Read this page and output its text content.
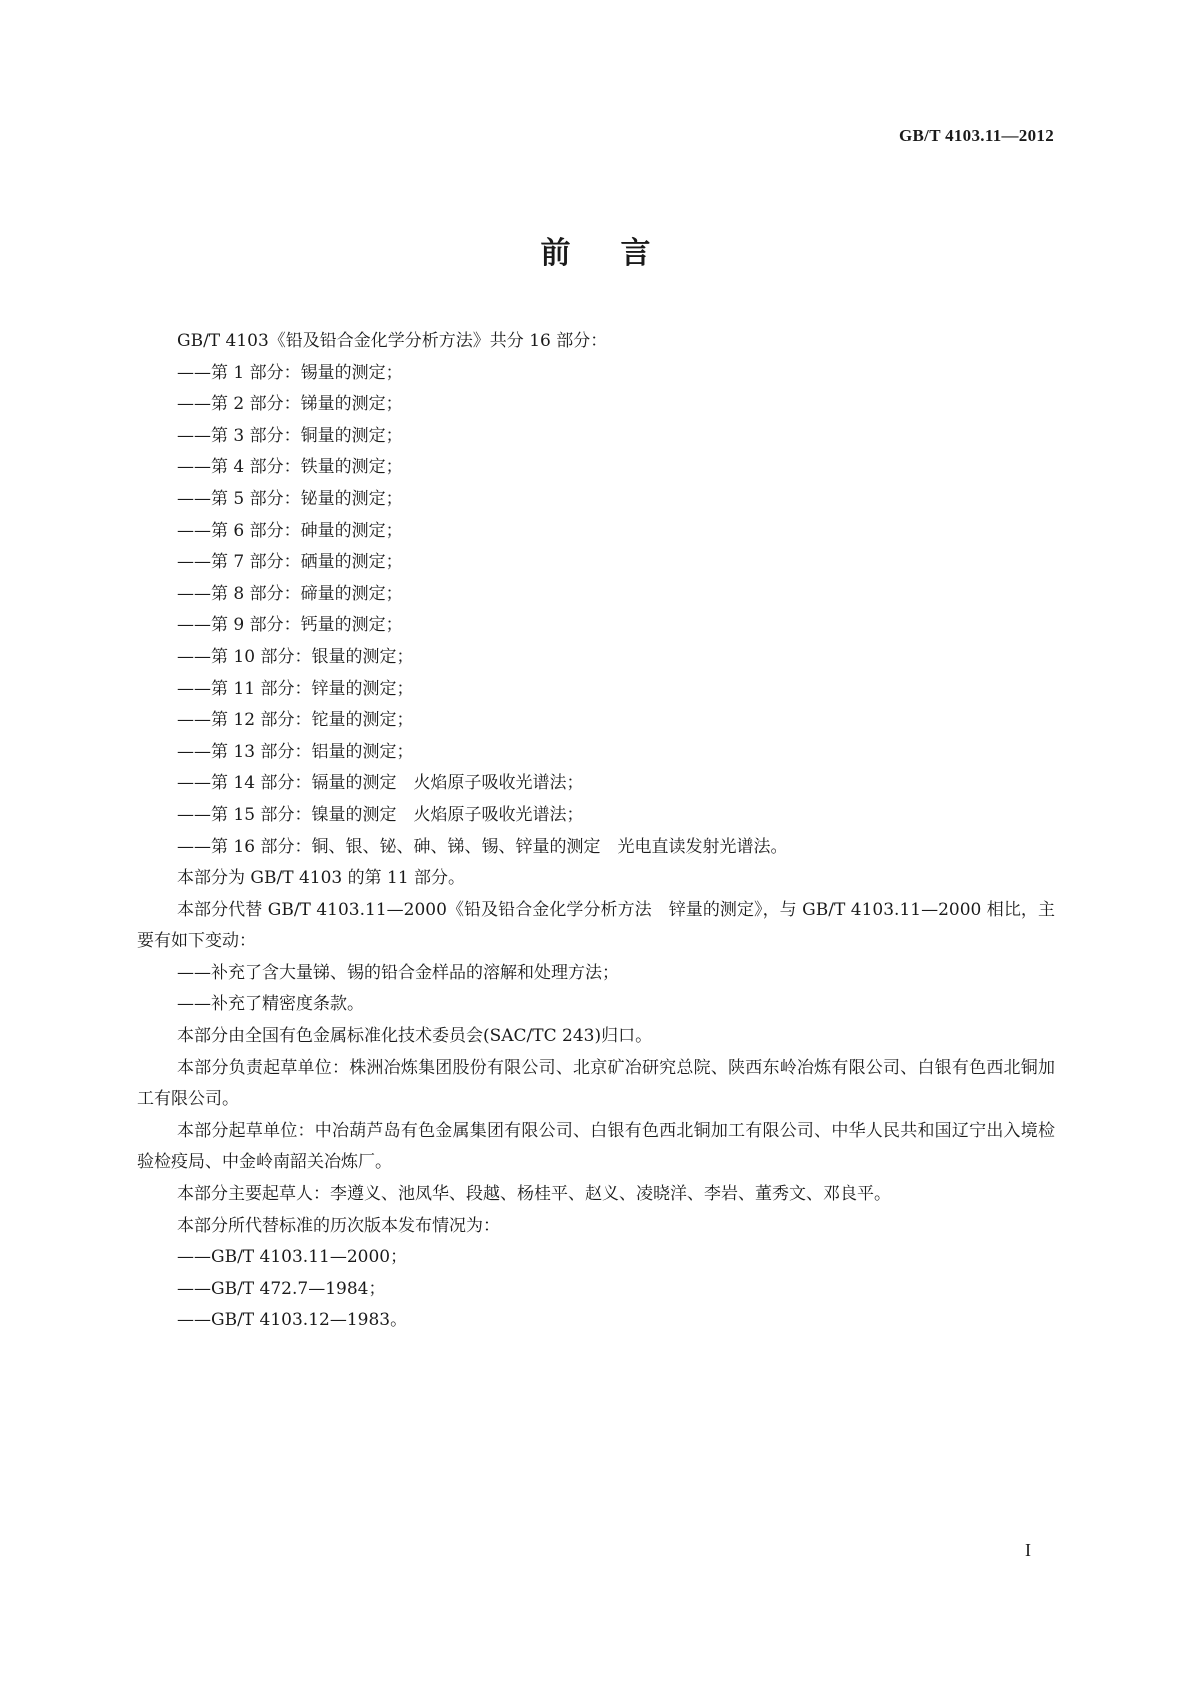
GB/T 4103.11—2012
前言
GB/T 4103《铅及铅合金化学分析方法》共分 16 部分：
——第 1 部分：锡量的测定；
——第 2 部分：锑量的测定；
——第 3 部分：铜量的测定；
——第 4 部分：铁量的测定；
——第 5 部分：铋量的测定；
——第 6 部分：砷量的测定；
——第 7 部分：硒量的测定；
——第 8 部分：碲量的测定；
——第 9 部分：钙量的测定；
——第 10 部分：银量的测定；
——第 11 部分：锌量的测定；
——第 12 部分：铊量的测定；
——第 13 部分：铝量的测定；
——第 14 部分：镉量的测定　火焰原子吸收光谱法；
——第 15 部分：镍量的测定　火焰原子吸收光谱法；
——第 16 部分：铜、银、铋、砷、锑、锡、锌量的测定　光电直读发射光谱法。
本部分为 GB/T 4103 的第 11 部分。
本部分代替 GB/T 4103.11—2000《铅及铅合金化学分析方法　锌量的测定》，与 GB/T 4103.11—2000 相比，主要有如下变动：
——补充了含大量锑、锡的铅合金样品的溶解和处理方法；
——补充了精密度条款。
本部分由全国有色金属标准化技术委员会(SAC/TC 243)归口。
本部分负责起草单位：株洲冶炼集团股份有限公司、北京矿冶研究总院、陕西东岭冶炼有限公司、白银有色西北铜加工有限公司。
本部分起草单位：中冶葫芦岛有色金属集团有限公司、白银有色西北铜加工有限公司、中华人民共和国辽宁出入境检验检疫局、中金岭南韶关冶炼厂。
本部分主要起草人：李遵义、池凤华、段越、杨桂平、赵义、凌晓洋、李岩、董秀文、邓良平。
本部分所代替标准的历次版本发布情况为：
——GB/T 4103.11—2000；
——GB/T 472.7—1984；
——GB/T 4103.12—1983。
I
